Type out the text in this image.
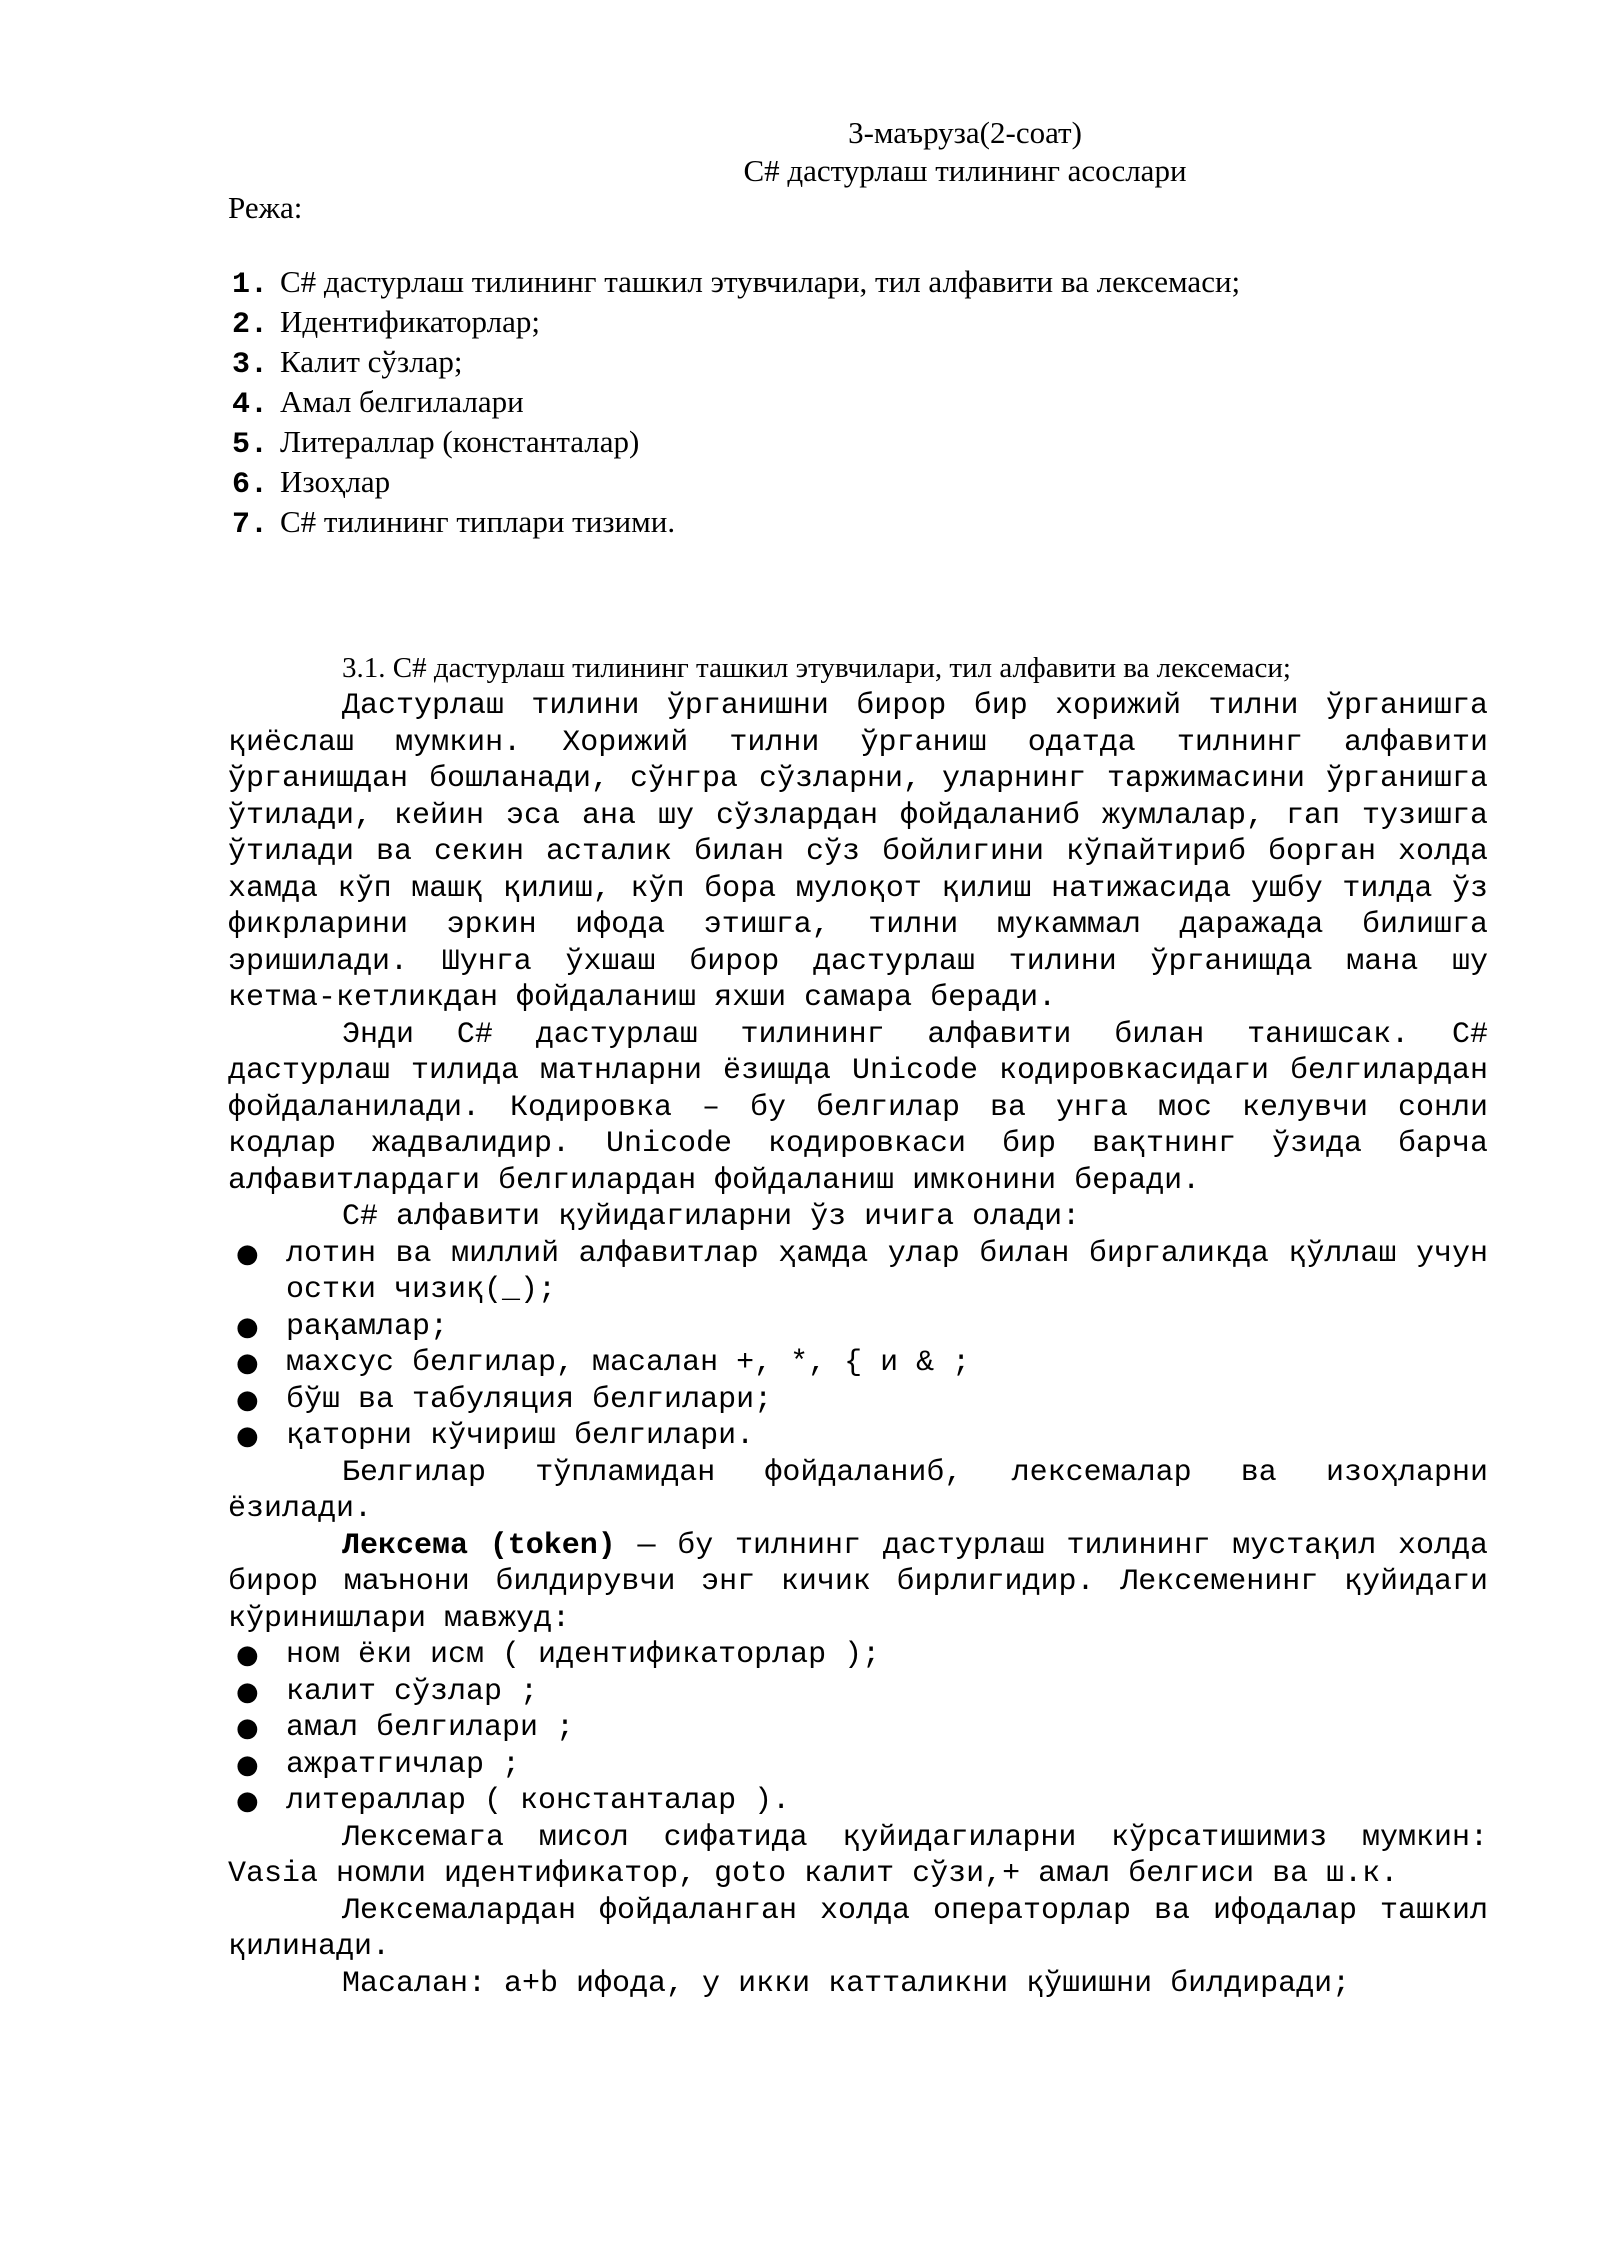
3-маъруза(2-соат)
C# дастурлаш тилининг асослари
Режа:
1. C# дастурлаш тилининг ташкил этувчилари, тил алфавити ва лексемаси;
2. Идентификаторлар;
3. Калит сўзлар;
4. Амал белгилалари
5. Литераллар (константалар)
6. Изоҳлар
7. C# тилининг типлари тизими.
3.1. C# дастурлаш тилининг ташкил этувчилари, тил алфавити ва лексемаси;

Дастурлаш тилини ўрганишни бирор бир хорижий тилни ўрганишга қиёслаш мумкин. Хорижий тилни ўрганиш одатда тилнинг алфавити ўрганишдан бошланади, сўнгра сўзларни, уларнинг таржимасини ўрганишга ўтилади, кейин эса ана шу сўзлардан фойдаланиб жумлалар, гап тузишга ўтилади ва секин асталик билан сўз бойлигини кўпайтириб борган холда хамда кўп машқ қилиш, кўп бора мулоқот қилиш натижасида ушбу тилда ўз фикрларини эркин ифода этишга, тилни мукаммал даражада билишга эришилади. Шунга ўхшаш бирор дастурлаш тилини ўрганишда мана шу кетма-кетликдан фойдаланиш яхши самара беради.

Энди C# дастурлаш тилининг алфавити билан танишсак. C# дастурлаш тилида матнларни ёзишда Unicode кодировкасидаги белгилардан фойдаланилади. Кодировка – бу белгилар ва унга мос келувчи сонли кодлар жадвалидир. Unicode кодировкаси бир вақтнинг ўзида барча алфавитлардаги белгилардан фойдаланиш имконини беради.

C# алфавити қуйидагиларни ўз ичига олади:

● лотин ва миллий алфавитлар ҳамда улар билан биргаликда қўллаш учун остки чизиқ(_);
● рақамлар;
● махсус белгилар, масалан +, *, { и & ;
● бўш ва табуляция белгилари;
● қаторни кўчириш белгилари.

Белгилар тўпламидан фойдаланиб, лексемалар ва изоҳларни ёзилади.

Лексема (token) — бу тилнинг дастурлаш тилининг мустақил холда бирор маънони билдирувчи энг кичик бирлигидир. Лексеменинг қуйидаги кўринишлари мавжуд:

● ном ёки исм ( идентификаторлар );
● калит сўзлар ;
● амал белгилари ;
● ажратгичлар ;
● литераллар ( константалар ).

Лексемага мисол сифатида қуйидагиларни кўрсатишимиз мумкин: Vasia номли идентификатор, goto калит сўзи,+ амал белгиси ва ш.к.

Лексемалардан фойдаланган холда операторлар ва ифодалар ташкил қилинади.

Масалан: a+b ифода, у икки катталикни қўшишни билдиради;
